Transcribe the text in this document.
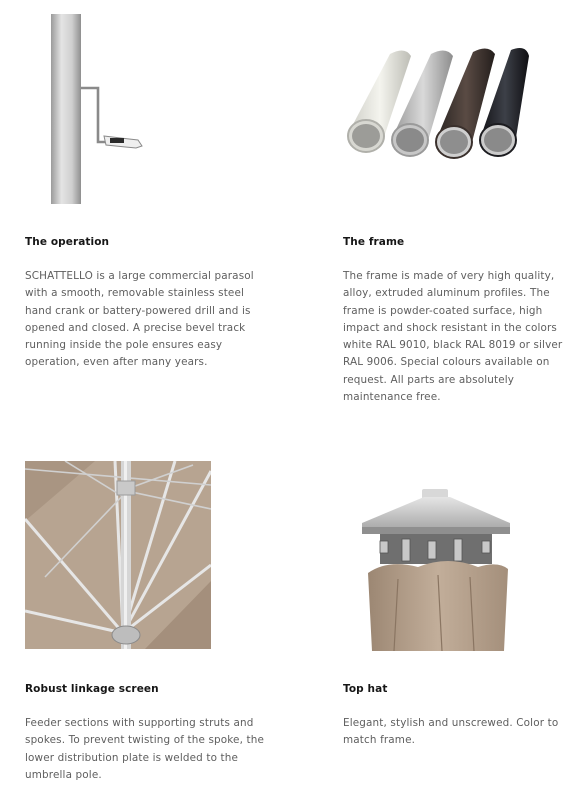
The operation
SCHATTELLO is a large commercial parasol with a smooth, removable stainless steel hand crank or battery-powered drill and is opened and closed. A precise bevel track running inside the pole ensures easy operation, even after many years.
The frame
The frame is made of very high quality, alloy, extruded aluminum profiles. The frame is powder-coated surface, high impact and shock resistant in the colors white RAL 9010, black RAL 8019 or silver RAL 9006. Special colours available on request. All parts are absolutely maintenance free.
Robust linkage screen
Feeder sections with supporting struts and spokes. To prevent twisting of the spoke, the lower distribution plate is welded to the umbrella pole.
Top hat
Elegant, stylish and unscrewed. Color to match frame.
